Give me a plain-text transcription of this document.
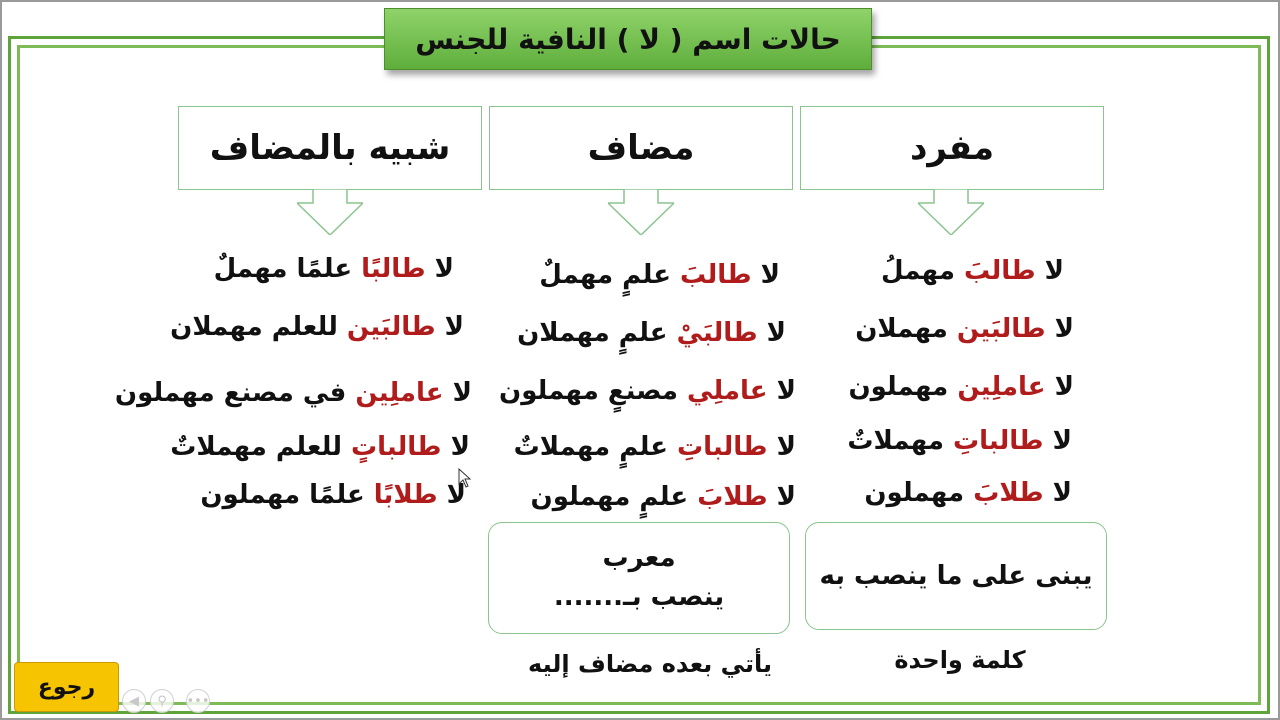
حالات اسم ( لا ) النافية للجنس
مفرد
مضاف
شبيه بالمضاف
لا طالبَ مهملُ
لا طالبَين مهملان
لا عاملِين مهملون
لا طالباتِ مهملاتٌ
لا طلابَ مهملون
لا طالبَ علمٍ مهملٌ
لا طالبَيْ علمٍ مهملان
لا عاملِي مصنعٍ مهملون
لا طالباتِ علمٍ مهملاتٌ
لا طلابَ علمٍ مهملون
لا طالبًا علمًا مهملٌ
لا طالبَين للعلم مهملان
لا عاملِين في مصنع مهملون
لا طالباتٍ للعلم مهملاتٌ
لا طلابًا علمًا مهملون
يبنى على ما ينصب به
معرب
ينصب بـ.......
كلمة واحدة
يأتي بعده مضاف إليه
رجوع
◀	⚲	•••
